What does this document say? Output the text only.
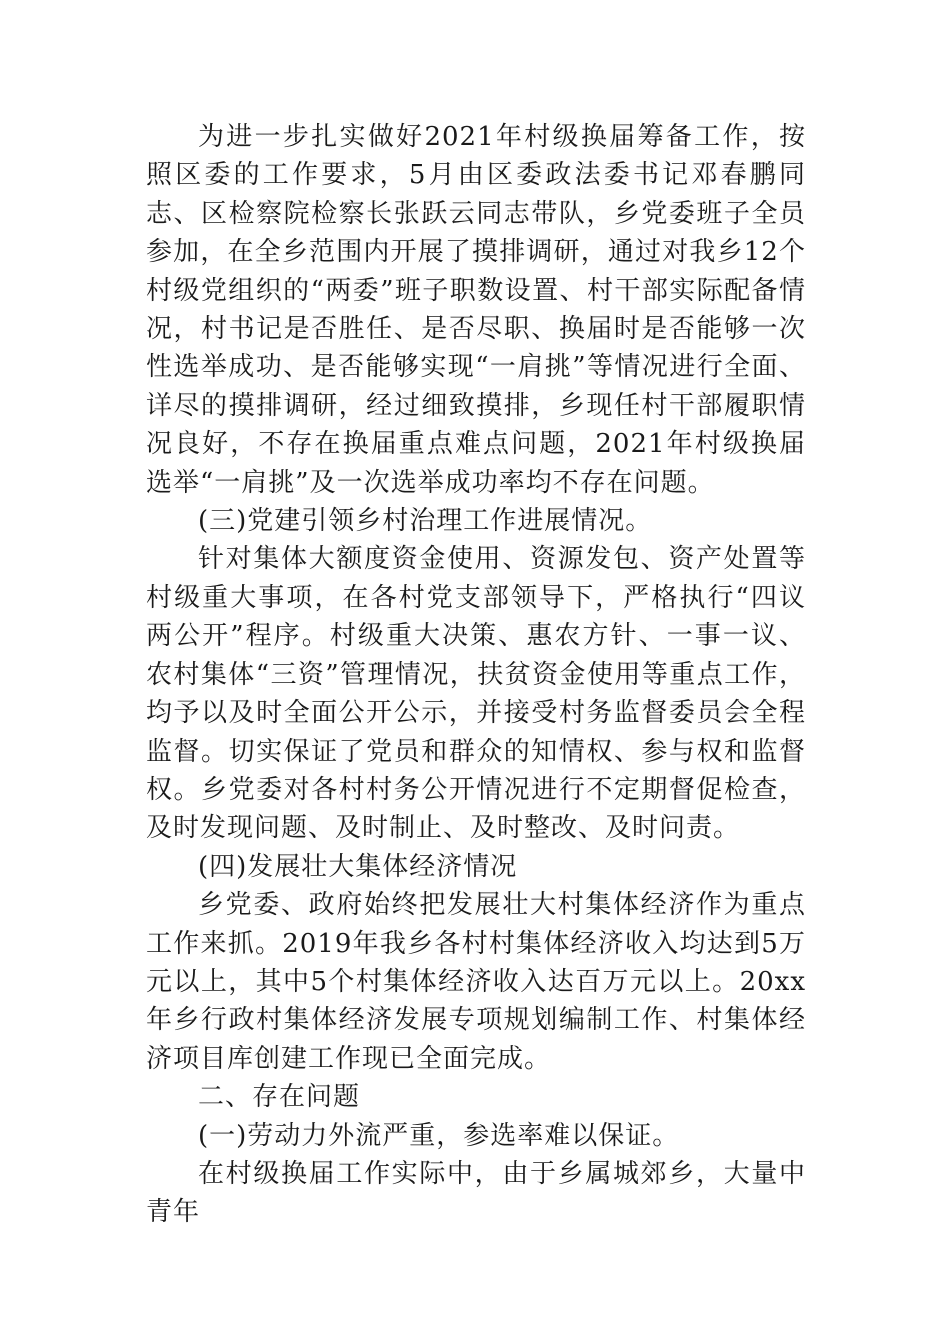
为进一步扎实做好2021年村级换届筹备工作，按照区委的工作要求，5月由区委政法委书记邓春鹏同志、区检察院检察长张跃云同志带队，乡党委班子全员参加，在全乡范围内开展了摸排调研，通过对我乡12个村级党组织的“两委”班子职数设置、村干部实际配备情况，村书记是否胜任、是否尽职、换届时是否能够一次性选举成功、是否能够实现“一肩挑”等情况进行全面、详尽的摸排调研，经过细致摸排，乡现任村干部履职情况良好，不存在换届重点难点问题，2021年村级换届选举“一肩挑”及一次选举成功率均不存在问题。

(三)党建引领乡村治理工作进展情况。

针对集体大额度资金使用、资源发包、资产处置等村级重大事项，在各村党支部领导下，严格执行“四议两公开”程序。村级重大决策、惠农方针、一事一议、农村集体“三资”管理情况，扶贫资金使用等重点工作，均予以及时全面公开公示，并接受村务监督委员会全程监督。切实保证了党员和群众的知情权、参与权和监督权。乡党委对各村村务公开情况进行不定期督促检查，及时发现问题、及时制止、及时整改、及时问责。

(四)发展壮大集体经济情况

乡党委、政府始终把发展壮大村集体经济作为重点工作来抓。2019年我乡各村村集体经济收入均达到5万元以上，其中5个村集体经济收入达百万元以上。20xx年乡行政村集体经济发展专项规划编制工作、村集体经济项目库创建工作现已全面完成。

二、存在问题

(一)劳动力外流严重，参选率难以保证。

在村级换届工作实际中，由于乡属城郊乡，大量中青年
